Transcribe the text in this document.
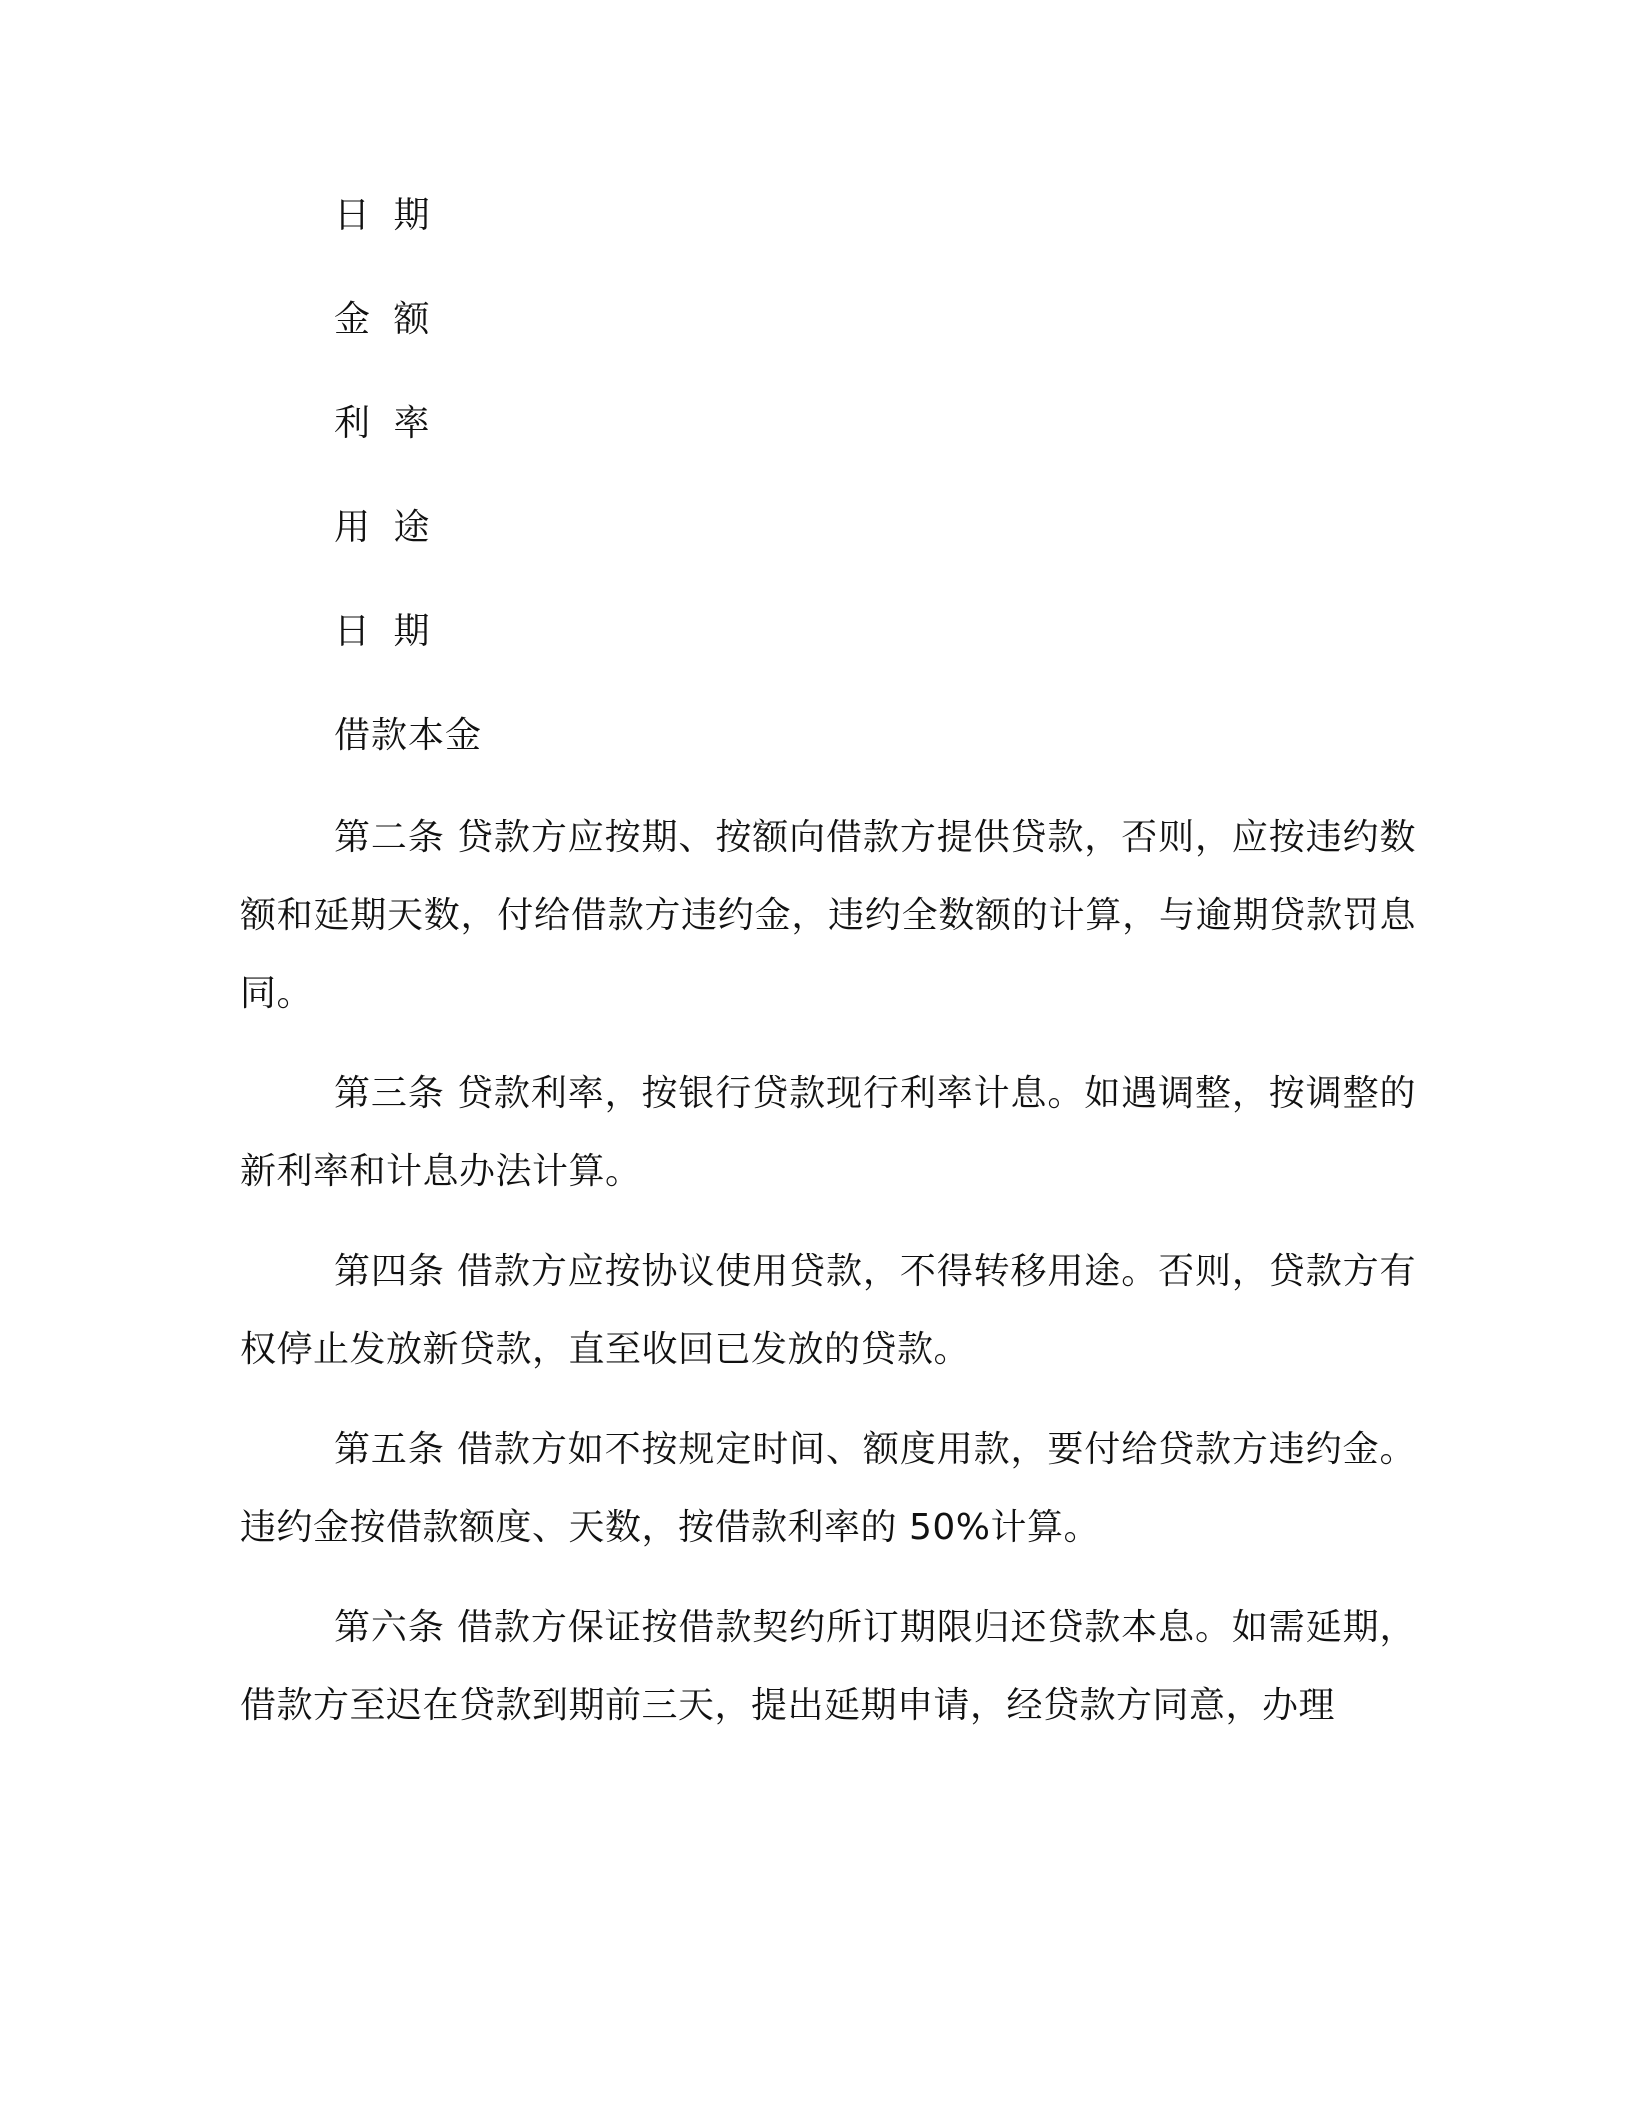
日 期
金 额
利 率
用 途
日 期
借款本金

第二条 贷款方应按期、按额向借款方提供贷款，否则，应按违约数额和延期天数，付给借款方违约金，违约全数额的计算，与逾期贷款罚息同。

第三条 贷款利率，按银行贷款现行利率计息。如遇调整，按调整的新利率和计息办法计算。

第四条 借款方应按协议使用贷款，不得转移用途。否则，贷款方有权停止发放新贷款，直至收回已发放的贷款。

第五条 借款方如不按规定时间、额度用款，要付给贷款方违约金。违约金按借款额度、天数，按借款利率的 50%计算。

第六条 借款方保证按借款契约所订期限归还贷款本息。如需延期，借款方至迟在贷款到期前三天，提出延期申请，经贷款方同意，办理
